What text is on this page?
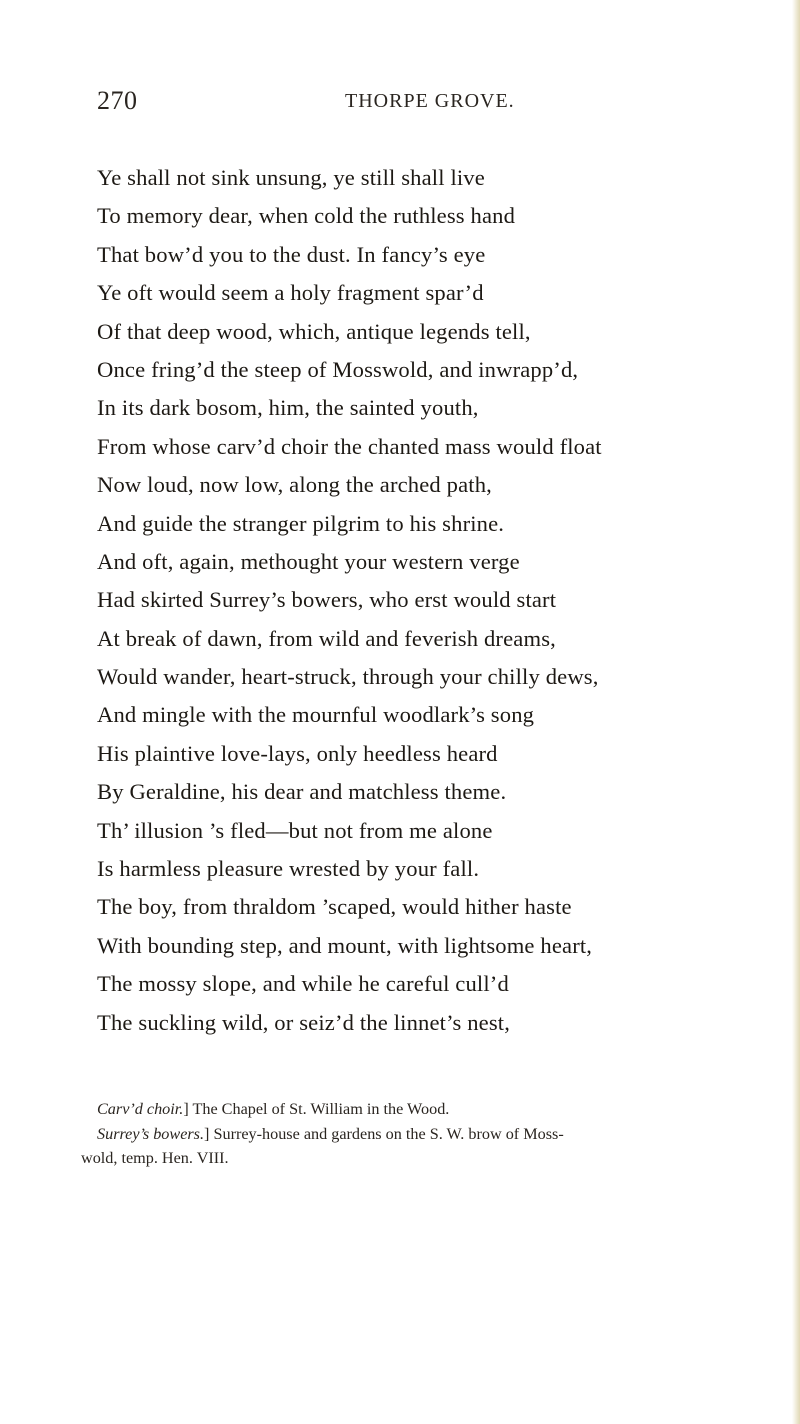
270	THORPE GROVE.
Ye shall not sink unsung, ye still shall live
To memory dear, when cold the ruthless hand
That bow’d you to the dust. In fancy’s eye
Ye oft would seem a holy fragment spar’d
Of that deep wood, which, antique legends tell,
Once fring’d the steep of Mosswold, and inwrapp’d,
In its dark bosom, him, the sainted youth,
From whose carv’d choir the chanted mass would float
Now loud, now low, along the arched path,
And guide the stranger pilgrim to his shrine.
And oft, again, methought your western verge
Had skirted Surrey’s bowers, who erst would start
At break of dawn, from wild and feverish dreams,
Would wander, heart-struck, through your chilly dews,
And mingle with the mournful woodlark’s song
His plaintive love-lays, only heedless heard
By Geraldine, his dear and matchless theme.
Th’ illusion ’s fled—but not from me alone
Is harmless pleasure wrested by your fall.
The boy, from thraldom ’scaped, would hither haste
With bounding step, and mount, with lightsome heart,
The mossy slope, and while he careful cull’d
The suckling wild, or seiz’d the linnet’s nest,

Carv’d choir.] The Chapel of St. William in the Wood.

Surrey’s bowers.] Surrey-house and gardens on the S. W. brow of Moss-

wold, temp. Hen. VIII.
